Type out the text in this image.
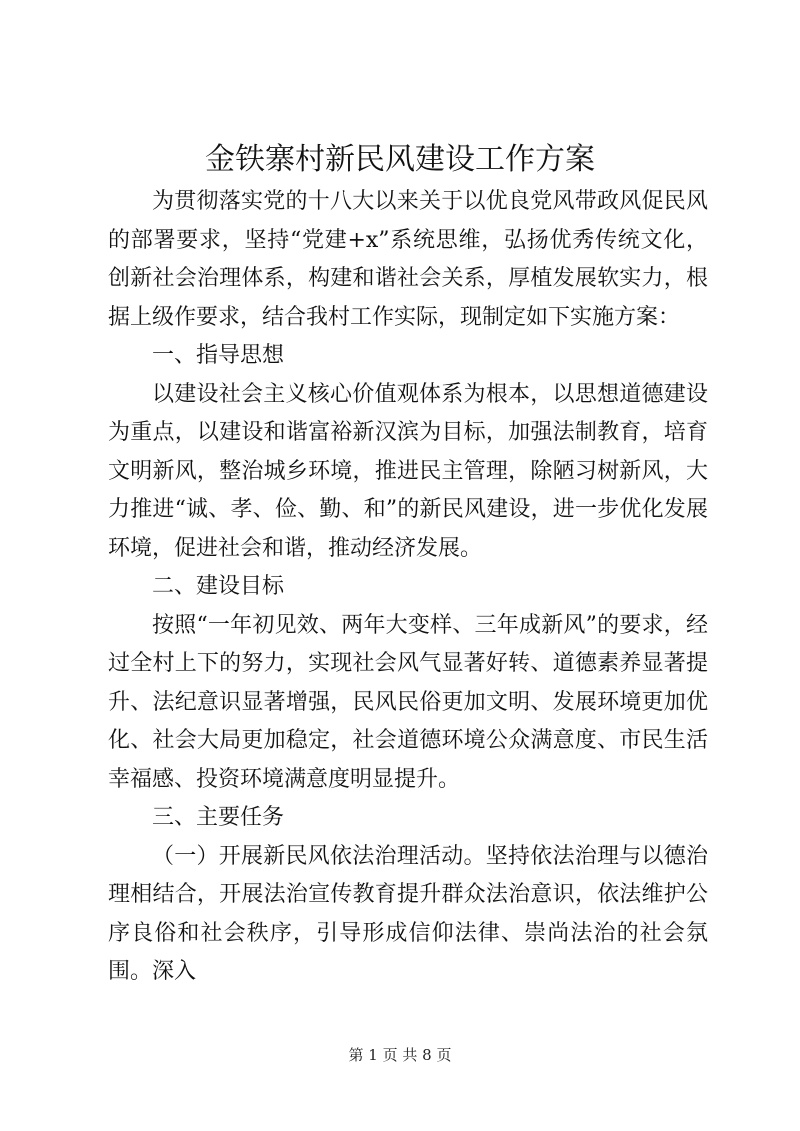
金铁寨村新民风建设工作方案

为贯彻落实党的十八大以来关于以优良党风带政风促民风的部署要求，坚持“党建+x”系统思维，弘扬优秀传统文化，创新社会治理体系，构建和谐社会关系，厚植发展软实力，根据上级作要求，结合我村工作实际，现制定如下实施方案：

一、指导思想

以建设社会主义核心价值观体系为根本，以思想道德建设为重点，以建设和谐富裕新汉滨为目标，加强法制教育，培育文明新风，整治城乡环境，推进民主管理，除陋习树新风，大力推进“诚、孝、俭、勤、和”的新民风建设，进一步优化发展环境，促进社会和谐，推动经济发展。

二、建设目标

按照“一年初见效、两年大变样、三年成新风”的要求，经过全村上下的努力，实现社会风气显著好转、道德素养显著提升、法纪意识显著增强，民风民俗更加文明、发展环境更加优化、社会大局更加稳定，社会道德环境公众满意度、市民生活幸福感、投资环境满意度明显提升。

三、主要任务

（一）开展新民风依法治理活动。坚持依法治理与以德治理相结合，开展法治宣传教育提升群众法治意识，依法维护公序良俗和社会秩序，引导形成信仰法律、崇尚法治的社会氛围。深入

第 1 页 共 8 页
